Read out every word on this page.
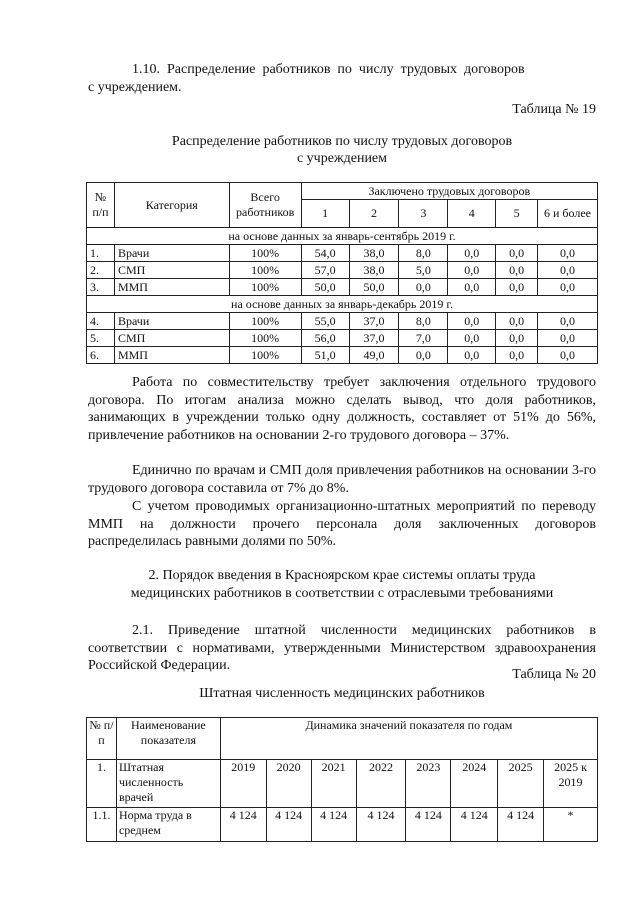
1.10.  Распределение  работников  по  числу  трудовых  договоров
с учреждением.
Таблица № 19
Распределение работников по числу трудовых договоров
с учреждением
№ п/п	Категория	Всего работников	Заключено трудовых договоров					
			1	2	3	4	5	6 и более
на основе данных за январь-сентябрь 2019 г.								
1.	Врачи	100%	54,0	38,0	8,0	0,0	0,0	0,0
2.	СМП	100%	57,0	38,0	5,0	0,0	0,0	0,0
3.	ММП	100%	50,0	50,0	0,0	0,0	0,0	0,0
на основе данных за январь-декабрь 2019 г.								
4.	Врачи	100%	55,0	37,0	8,0	0,0	0,0	0,0
5.	СМП	100%	56,0	37,0	7,0	0,0	0,0	0,0
6.	ММП	100%	51,0	49,0	0,0	0,0	0,0	0,0
Работа по совместительству требует заключения отдельного трудового договора. По итогам анализа можно сделать вывод, что доля работников, занимающих в учреждении только одну должность, составляет от 51% до 56%, привлечение работников на основании 2-го трудового договора – 37%.
Единично по врачам и СМП доля привлечения работников на основании 3-го трудового договора составила от 7% до 8%.
С учетом проводимых организационно-штатных мероприятий по переводу ММП на должности прочего персонала доля заключенных договоров распределилась равными долями по 50%.
2. Порядок введения в Красноярском крае системы оплаты труда
медицинских работников в соответствии с отраслевыми требованиями
2.1. Приведение штатной численности медицинских работников в соответствии с нормативами, утвержденными Министерством здравоохранения Российской Федерации.
Таблица № 20
Штатная численность медицинских работников
№ п/п	Наименование показателя	Динамика значений показателя по годам							
1.	Штатная численность врачей	2019	2020	2021	2022	2023	2024	2025	2025 к 2019
1.1.	Норма труда в среднем	4 124	4 124	4 124	4 124	4 124	4 124	4 124	*
